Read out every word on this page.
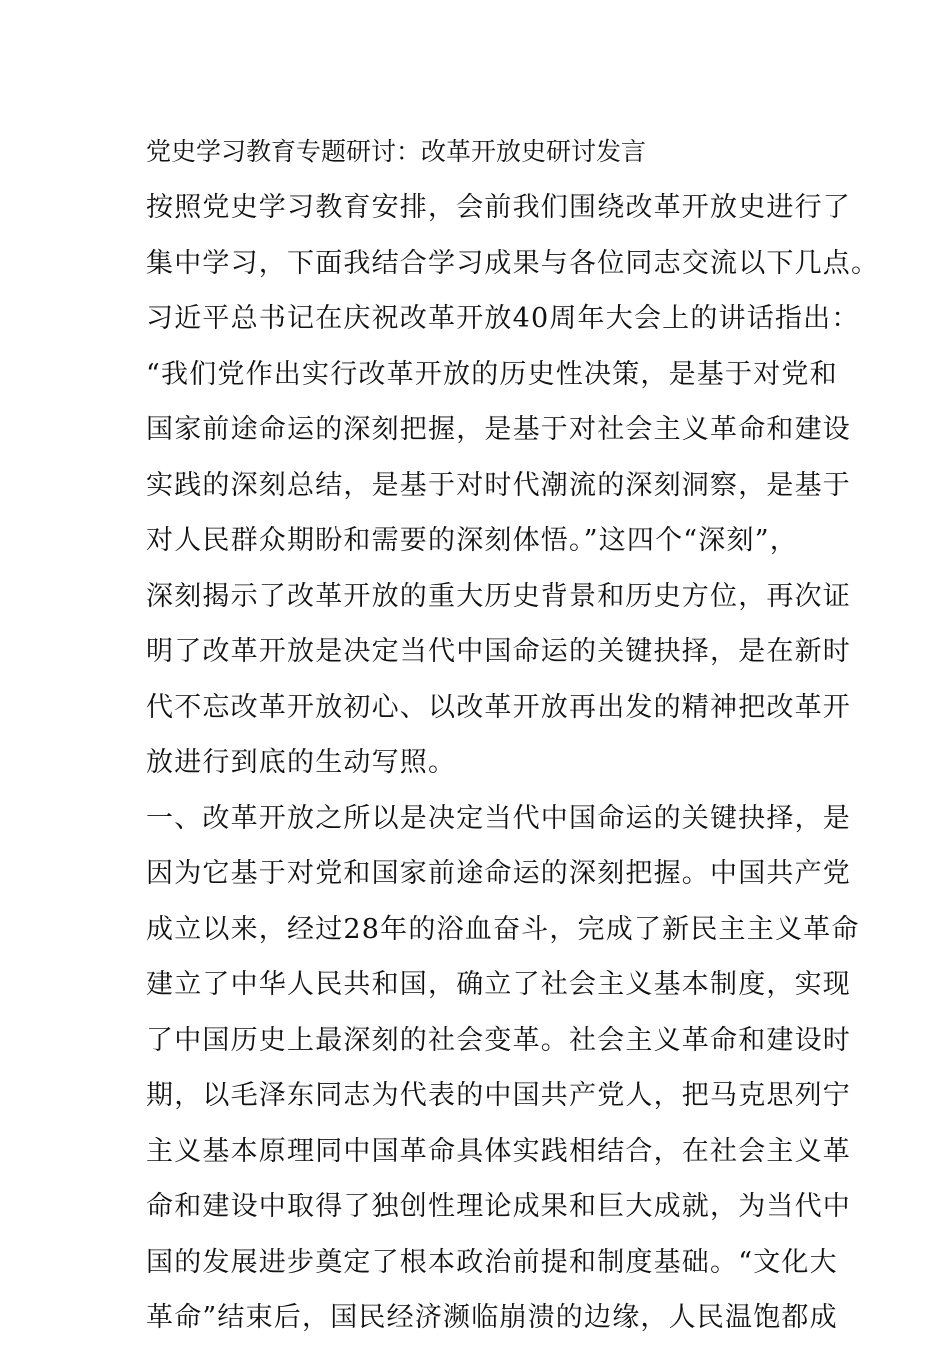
党史学习教育专题研讨：改革开放史研讨发言
按照党史学习教育安排，会前我们围绕改革开放史进行了
集中学习，下面我结合学习成果与各位同志交流以下几点。
习近平总书记在庆祝改革开放40周年大会上的讲话指出：
“我们党作出实行改革开放的历史性决策，是基于对党和
国家前途命运的深刻把握，是基于对社会主义革命和建设
实践的深刻总结，是基于对时代潮流的深刻洞察，是基于
对人民群众期盼和需要的深刻体悟。”这四个“深刻”，
深刻揭示了改革开放的重大历史背景和历史方位，再次证
明了改革开放是决定当代中国命运的关键抉择，是在新时
代不忘改革开放初心、以改革开放再出发的精神把改革开
放进行到底的生动写照。
一、改革开放之所以是决定当代中国命运的关键抉择，是
因为它基于对党和国家前途命运的深刻把握。中国共产党
成立以来，经过28年的浴血奋斗，完成了新民主主义革命
建立了中华人民共和国，确立了社会主义基本制度，实现
了中国历史上最深刻的社会变革。社会主义革命和建设时
期，以毛泽东同志为代表的中国共产党人，把马克思列宁
主义基本原理同中国革命具体实践相结合，在社会主义革
命和建设中取得了独创性理论成果和巨大成就，为当代中
国的发展进步奠定了根本政治前提和制度基础。“文化大
革命”结束后，国民经济濒临崩溃的边缘，人民温饱都成
